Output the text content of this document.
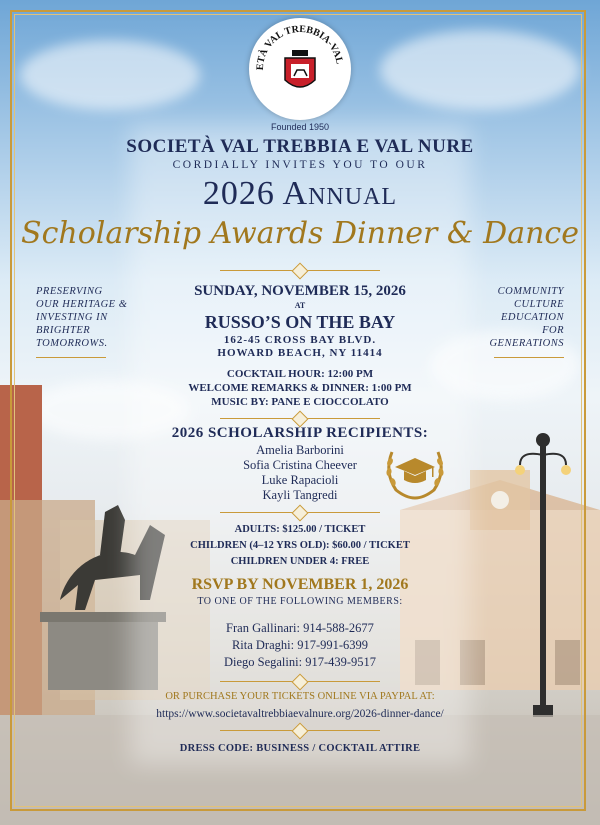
ETÀ VAL TREBBIA-VAL
Founded 1950
SOCIETÀ VAL TREBBIA E VAL NURE
CORDIALLY INVITES YOU TO OUR
2026 Annual
Scholarship Awards Dinner & Dance
PRESERVING
OUR HERITAGE &
INVESTING IN
BRIGHTER
TOMORROWS.
COMMUNITY
CULTURE
EDUCATION
FOR
GENERATIONS
SUNDAY, NOVEMBER 15, 2026
AT
RUSSO’S ON THE BAY
162-45 CROSS BAY BLVD.
HOWARD BEACH, NY 11414
COCKTAIL HOUR: 12:00 PM
WELCOME REMARKS & DINNER: 1:00 PM
MUSIC BY: PANE E CIOCCOLATO
2026 SCHOLARSHIP RECIPIENTS:
Amelia Barborini
Sofia Cristina Cheever
Luke Rapacioli
Kayli Tangredi
ADULTS: $125.00 / TICKET
CHILDREN (4–12 YRS OLD): $60.00 / TICKET
CHILDREN UNDER 4: FREE
RSVP BY NOVEMBER 1, 2026
TO ONE OF THE FOLLOWING MEMBERS:
Fran Gallinari: 914-588-2677
Rita Draghi: 917-991-6399
Diego Segalini: 917-439-9517
OR PURCHASE YOUR TICKETS ONLINE VIA PAYPAL AT:
https://www.societavaltrebbiaevalnure.org/2026-dinner-dance/
DRESS CODE: BUSINESS / COCKTAIL ATTIRE
